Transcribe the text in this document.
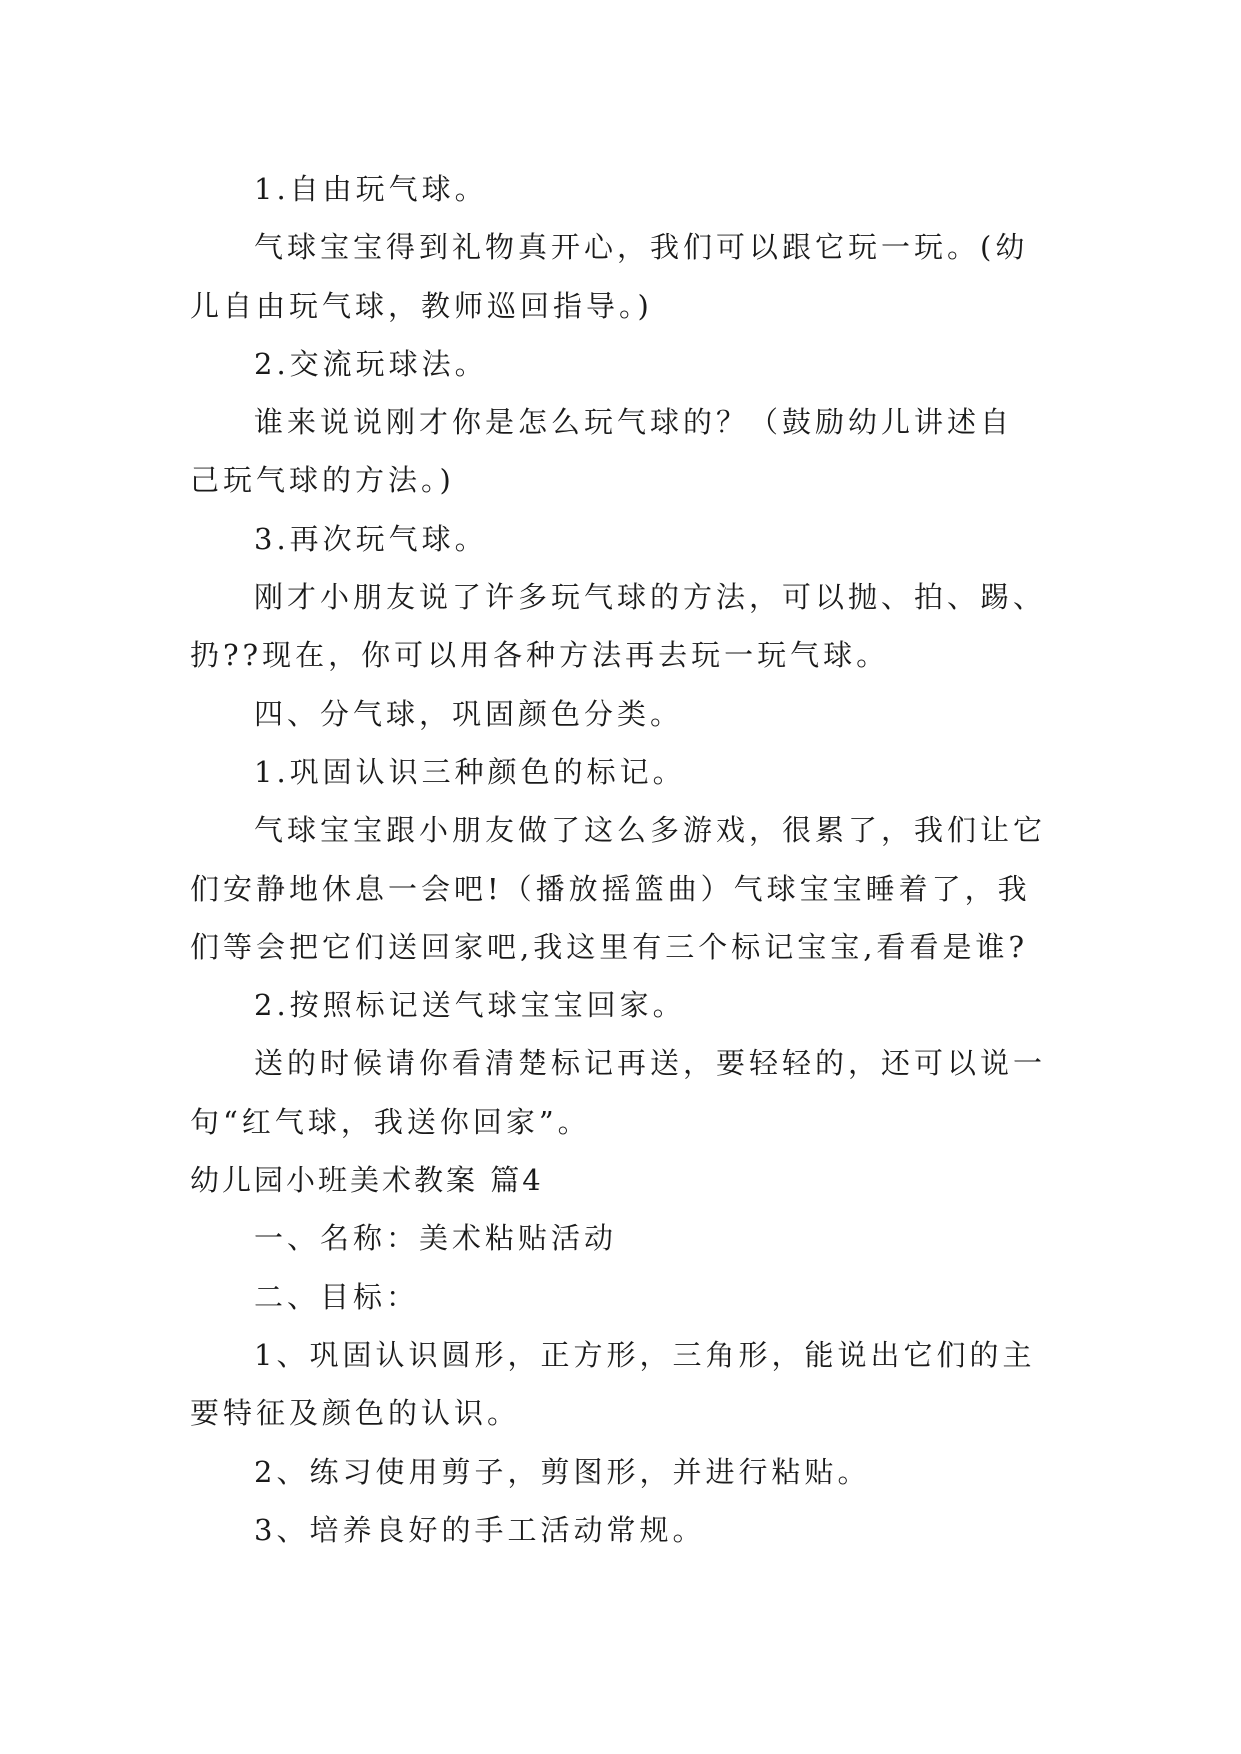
1.自由玩气球。
气球宝宝得到礼物真开心，我们可以跟它玩一玩。(幼
儿自由玩气球，教师巡回指导。)
2.交流玩球法。
谁来说说刚才你是怎么玩气球的？（鼓励幼儿讲述自
己玩气球的方法。)
3.再次玩气球。
刚才小朋友说了许多玩气球的方法，可以抛、拍、踢、
扔??现在，你可以用各种方法再去玩一玩气球。
四、分气球，巩固颜色分类。
1.巩固认识三种颜色的标记。
气球宝宝跟小朋友做了这么多游戏，很累了，我们让它
们安静地休息一会吧!（播放摇篮曲）气球宝宝睡着了，我
们等会把它们送回家吧,我这里有三个标记宝宝,看看是谁?
2.按照标记送气球宝宝回家。
送的时候请你看清楚标记再送，要轻轻的，还可以说一
句“红气球，我送你回家”。
幼儿园小班美术教案 篇4
一、名称：美术粘贴活动
二、目标：
1、巩固认识圆形，正方形，三角形，能说出它们的主
要特征及颜色的认识。
2、练习使用剪子，剪图形，并进行粘贴。
3、培养良好的手工活动常规。
